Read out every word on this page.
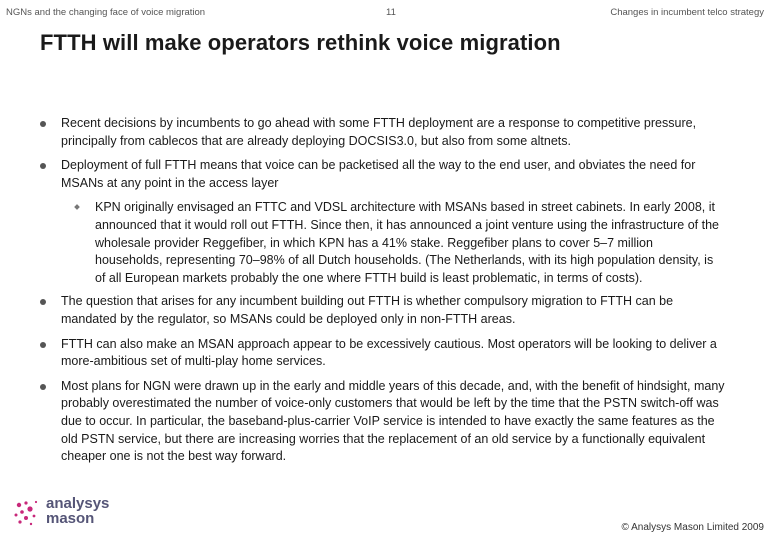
NGNs and the changing face of voice migration	11	Changes in incumbent telco strategy
FTTH will make operators rethink voice migration
Recent decisions by incumbents to go ahead with some FTTH deployment are a response to competitive pressure, principally from cablecos that are already deploying DOCSIS3.0, but also from some altnets.
Deployment of full FTTH means that voice can be packetised all the way to the end user, and obviates the need for MSANs at any point in the access layer
KPN originally envisaged an FTTC and VDSL architecture with MSANs based in street cabinets. In early 2008, it announced that it would roll out FTTH. Since then, it has announced a joint venture using the infrastructure of the wholesale provider Reggefiber, in which KPN has a 41% stake. Reggefiber plans to cover 5–7 million households, representing 70–98% of all Dutch households. (The Netherlands, with its high population density, is of all European markets probably the one where FTTH build is least problematic, in terms of costs).
The question that arises for any incumbent building out FTTH is whether compulsory migration to FTTH can be mandated by the regulator, so MSANs could be deployed only in non-FTTH areas.
FTTH can also make an MSAN approach appear to be excessively cautious. Most operators will be looking to deliver a more-ambitious set of multi-play home services.
Most plans for NGN were drawn up in the early and middle years of this decade, and, with the benefit of hindsight, many probably overestimated the number of voice-only customers that would be left by the time that the PSTN switch-off was due to occur. In particular, the baseband-plus-carrier VoIP service is intended to have exactly the same features as the old PSTN service, but there are increasing worries that the replacement of an old service by a functionally equivalent cheaper one is not the best way forward.
analysys
mason
© Analysys Mason Limited 2009
